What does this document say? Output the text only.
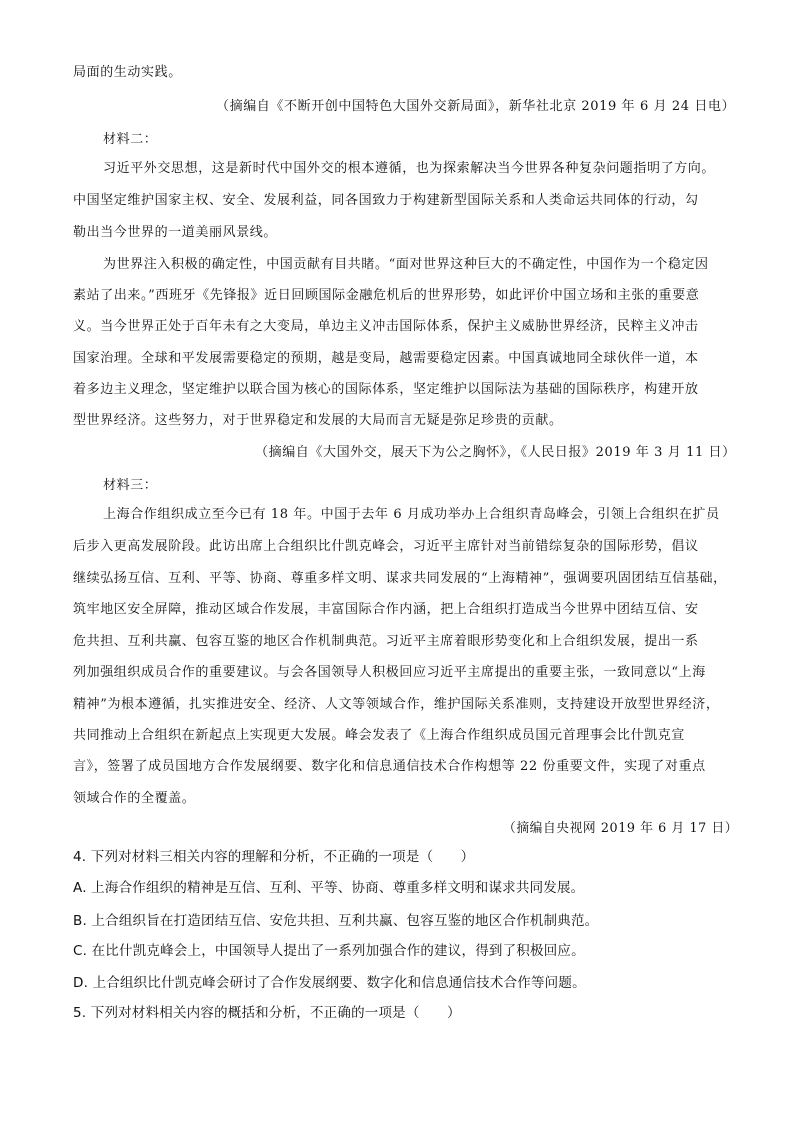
局面的生动实践。
（摘编自《不断开创中国特色大国外交新局面》，新华社北京 2019 年 6 月 24 日电）
材料二：
习近平外交思想，这是新时代中国外交的根本遵循，也为探索解决当今世界各种复杂问题指明了方向。
中国坚定维护国家主权、安全、发展利益，同各国致力于构建新型国际关系和人类命运共同体的行动，勾
勒出当今世界的一道美丽风景线。
为世界注入积极的确定性，中国贡献有目共睹。“面对世界这种巨大的不确定性，中国作为一个稳定因
素站了出来。”西班牙《先锋报》近日回顾国际金融危机后的世界形势，如此评价中国立场和主张的重要意
义。当今世界正处于百年未有之大变局，单边主义冲击国际体系，保护主义威胁世界经济，民粹主义冲击
国家治理。全球和平发展需要稳定的预期，越是变局，越需要稳定因素。中国真诚地同全球伙伴一道，本
着多边主义理念，坚定维护以联合国为核心的国际体系，坚定维护以国际法为基础的国际秩序，构建开放
型世界经济。这些努力，对于世界稳定和发展的大局而言无疑是弥足珍贵的贡献。
（摘编自《大国外交，展天下为公之胸怀》，《人民日报》2019 年 3 月 11 日）
材料三：
上海合作组织成立至今已有 18 年。中国于去年 6 月成功举办上合组织青岛峰会，引领上合组织在扩员
后步入更高发展阶段。此访出席上合组织比什凯克峰会，习近平主席针对当前错综复杂的国际形势，倡议
继续弘扬互信、互利、平等、协商、尊重多样文明、谋求共同发展的“上海精神”，强调要巩固团结互信基础，
筑牢地区安全屏障，推动区域合作发展，丰富国际合作内涵，把上合组织打造成当今世界中团结互信、安
危共担、互利共赢、包容互鉴的地区合作机制典范。习近平主席着眼形势变化和上合组织发展，提出一系
列加强组织成员合作的重要建议。与会各国领导人积极回应习近平主席提出的重要主张，一致同意以“上海
精神”为根本遵循，扎实推进安全、经济、人文等领域合作，维护国际关系准则，支持建设开放型世界经济，
共同推动上合组织在新起点上实现更大发展。峰会发表了《上海合作组织成员国元首理事会比什凯克宣
言》，签署了成员国地方合作发展纲要、数字化和信息通信技术合作构想等 22 份重要文件，实现了对重点
领域合作的全覆盖。
（摘编自央视网 2019 年 6 月 17 日）
4. 下列对材料三相关内容的理解和分析，不正确的一项是（　　）
A. 上海合作组织的精神是互信、互利、平等、协商、尊重多样文明和谋求共同发展。
B. 上合组织旨在打造团结互信、安危共担、互利共赢、包容互鉴的地区合作机制典范。
C. 在比什凯克峰会上，中国领导人提出了一系列加强合作的建议，得到了积极回应。
D. 上合组织比什凯克峰会研讨了合作发展纲要、数字化和信息通信技术合作等问题。
5. 下列对材料相关内容的概括和分析，不正确的一项是（　　）
